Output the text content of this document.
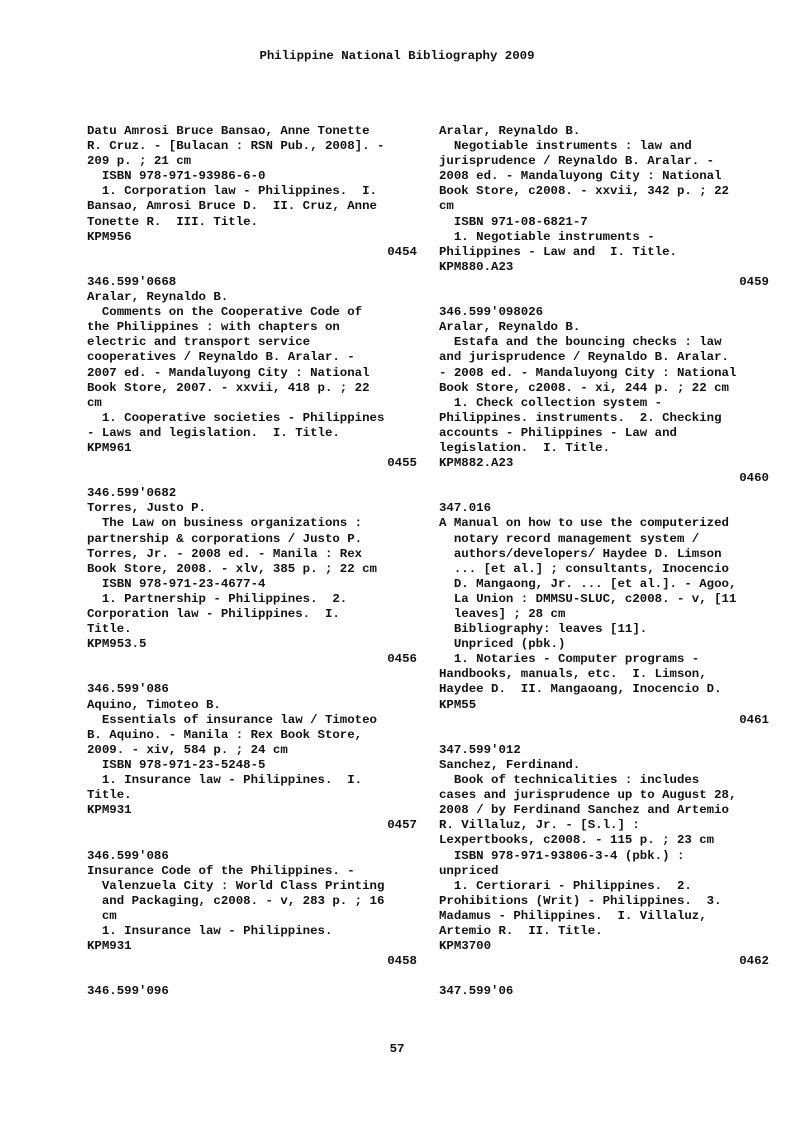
Philippine National Bibliography 2009
Datu Amrosi Bruce Bansao, Anne Tonette
R. Cruz. - [Bulacan : RSN Pub., 2008]. -
209 p. ; 21 cm
ISBN 978-971-93986-6-0
1. Corporation law - Philippines.  I.
Bansao, Amrosi Bruce D.  II. Cruz, Anne
Tonette R.  III. Title.
KPM956
0454
346.599'0668
Aralar, Reynaldo B.
Comments on the Cooperative Code of
the Philippines : with chapters on
electric and transport service
cooperatives / Reynaldo B. Aralar. -
2007 ed. - Mandaluyong City : National
Book Store, 2007. - xxvii, 418 p. ; 22
cm
1. Cooperative societies - Philippines
- Laws and legislation.  I. Title.
KPM961
0455
346.599'0682
Torres, Justo P.
The Law on business organizations :
partnership & corporations / Justo P.
Torres, Jr. - 2008 ed. - Manila : Rex
Book Store, 2008. - xlv, 385 p. ; 22 cm
ISBN 978-971-23-4677-4
1. Partnership - Philippines.  2.
Corporation law - Philippines.  I.
Title.
KPM953.5
0456
346.599'086
Aquino, Timoteo B.
Essentials of insurance law / Timoteo
B. Aquino. - Manila : Rex Book Store,
2009. - xiv, 584 p. ; 24 cm
ISBN 978-971-23-5248-5
1. Insurance law - Philippines.  I.
Title.
KPM931
0457
346.599'086
Insurance Code of the Philippines. -
Valenzuela City : World Class Printing
and Packaging, c2008. - v, 283 p. ; 16
cm
1. Insurance law - Philippines.
KPM931
0458
346.599'096
Aralar, Reynaldo B.
Negotiable instruments : law and
jurisprudence / Reynaldo B. Aralar. -
2008 ed. - Mandaluyong City : National
Book Store, c2008. - xxvii, 342 p. ; 22
cm
ISBN 971-08-6821-7
1. Negotiable instruments -
Philippines - Law and  I. Title.
KPM880.A23
0459
346.599'098026
Aralar, Reynaldo B.
Estafa and the bouncing checks : law
and jurisprudence / Reynaldo B. Aralar.
- 2008 ed. - Mandaluyong City : National
Book Store, c2008. - xi, 244 p. ; 22 cm
1. Check collection system -
Philippines. instruments.  2. Checking
accounts - Philippines - Law and
legislation.  I. Title.
KPM882.A23
0460
347.016
A Manual on how to use the computerized
notary record management system /
authors/developers/ Haydee D. Limson
... [et al.] ; consultants, Inocencio
D. Mangaong, Jr. ... [et al.]. - Agoo,
La Union : DMMSU-SLUC, c2008. - v, [11
leaves] ; 28 cm
Bibliography: leaves [11].
Unpriced (pbk.)
1. Notaries - Computer programs -
Handbooks, manuals, etc.  I. Limson,
Haydee D.  II. Mangaoang, Inocencio D.
KPM55
0461
347.599'012
Sanchez, Ferdinand.
Book of technicalities : includes
cases and jurisprudence up to August 28,
2008 / by Ferdinand Sanchez and Artemio
R. Villaluz, Jr. - [S.l.] :
Lexpertbooks, c2008. - 115 p. ; 23 cm
ISBN 978-971-93806-3-4 (pbk.) :
unpriced
1. Certiorari - Philippines.  2.
Prohibitions (Writ) - Philippines.  3.
Madamus - Philippines.  I. Villaluz,
Artemio R.  II. Title.
KPM3700
0462
347.599'06
57
